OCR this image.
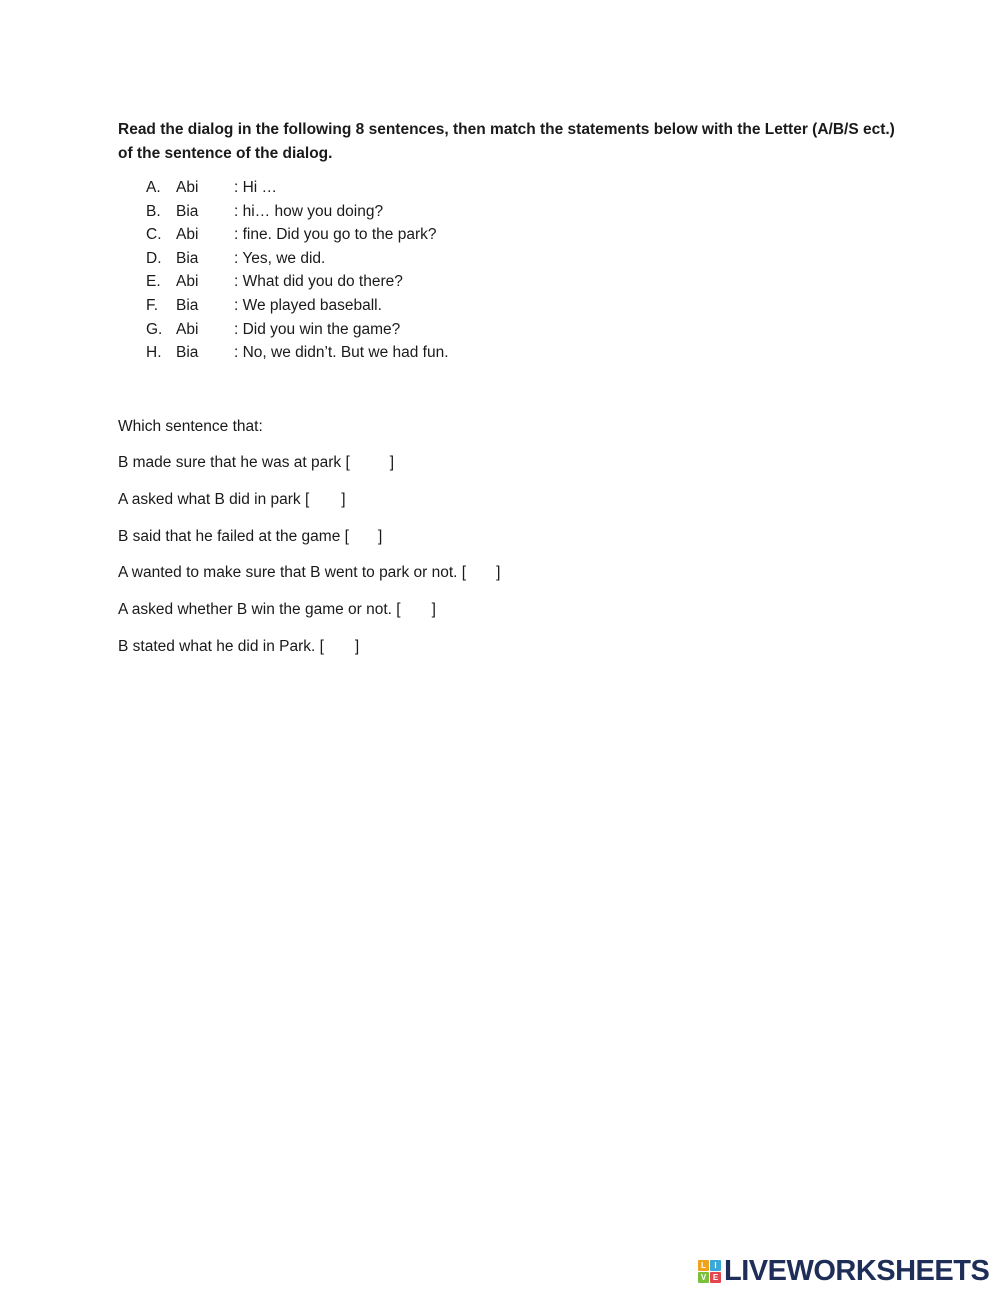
Read the dialog in the following 8 sentences, then match the statements below with the Letter (A/B/S ect.) of the sentence of the dialog.
A. Abi : Hi …
B. Bia : hi… how you doing?
C. Abi : fine. Did you go to the park?
D. Bia : Yes, we did.
E. Abi : What did you do there?
F. Bia : We played baseball.
G. Abi : Did you win the game?
H. Bia : No, we didn’t. But we had fun.
Which sentence that:
B made sure that he was at park [	]
A asked what B did in park [ ]
B said that he failed at the game [ ]
A wanted to make sure that B went to park or not. [ ]
A asked whether B win the game or not. [ ]
B stated what he did in Park. [ ]
L	I
V E LIVEWORKSHEETS
